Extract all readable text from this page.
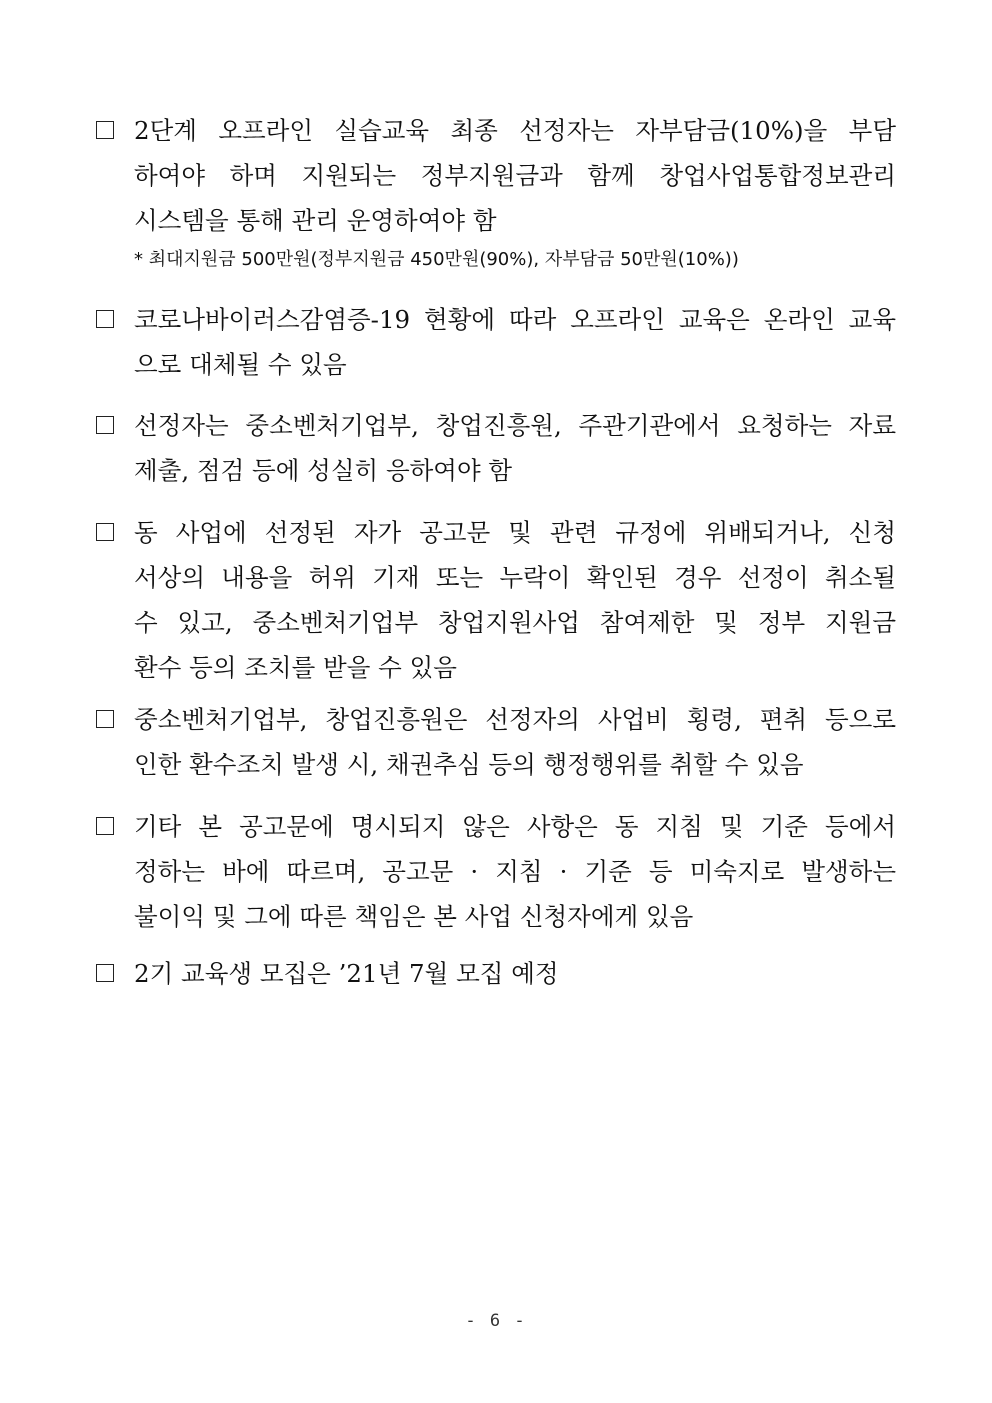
2단계 오프라인 실습교육 최종 선정자는 자부담금(10%)을 부담
하여야 하며 지원되는 정부지원금과 함께 창업사업통합정보관리
시스템을 통해 관리 운영하여야 함
* 최대지원금 500만원(정부지원금 450만원(90%), 자부담금 50만원(10%))
코로나바이러스감염증-19 현황에 따라 오프라인 교육은 온라인 교육
으로 대체될 수 있음
선정자는 중소벤처기업부, 창업진흥원, 주관기관에서 요청하는 자료
제출, 점검 등에 성실히 응하여야 함
동 사업에 선정된 자가 공고문 및 관련 규정에 위배되거나, 신청
서상의 내용을 허위 기재 또는 누락이 확인된 경우 선정이 취소될
수 있고, 중소벤처기업부 창업지원사업 참여제한 및 정부 지원금
환수 등의 조치를 받을 수 있음
중소벤처기업부, 창업진흥원은 선정자의 사업비 횡령, 편취 등으로
인한 환수조치 발생 시, 채권추심 등의 행정행위를 취할 수 있음
기타 본 공고문에 명시되지 않은 사항은 동 지침 및 기준 등에서
정하는 바에 따르며, 공고문 · 지침 · 기준 등 미숙지로 발생하는
불이익 및 그에 따른 책임은 본 사업 신청자에게 있음
2기 교육생 모집은 ’21년 7월 모집 예정
- 6 -
